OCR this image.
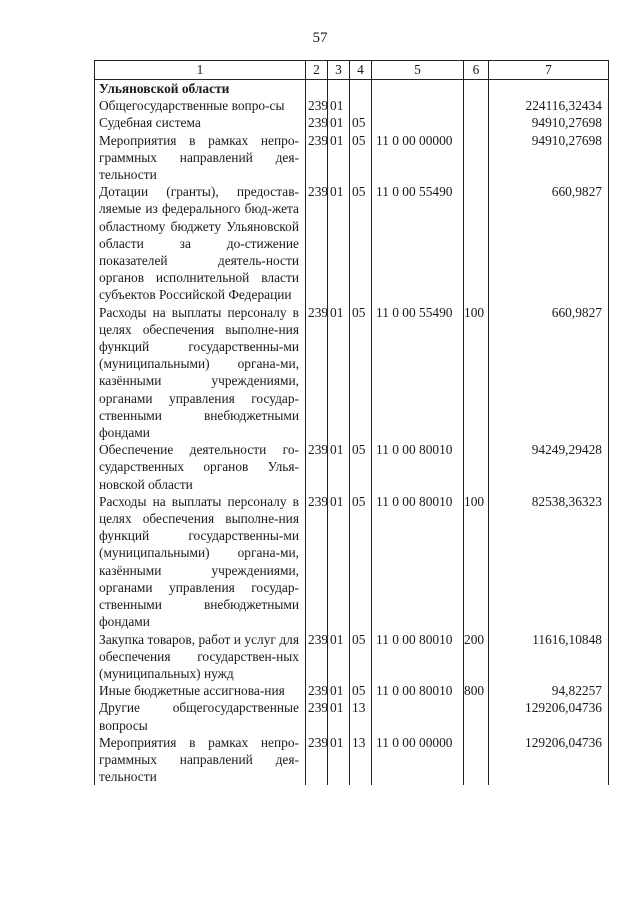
57
1	2	3	4	5	6	7
Ульяновской области						
Общегосударственные вопро-сы	239	01				224116,32434
Судебная система	239	01	05			94910,27698
Мероприятия в рамках непро-граммных направлений дея-тельности	239	01	05	11 0 00 00000		94910,27698
Дотации (гранты), предостав-ляемые из федерального бюд-жета областному бюджету Ульяновской области за до-стижение показателей деятель-ности органов исполнительной власти субъектов Российской Федерации	239	01	05	11 0 00 55490		660,9827
Расходы на выплаты персоналу в целях обеспечения выполне-ния функций государственны-ми (муниципальными) органа-ми, казёнными учреждениями, органами управления государ-ственными внебюджетными фондами	239	01	05	11 0 00 55490	100	660,9827
Обеспечение деятельности го-сударственных органов Улья-новской области	239	01	05	11 0 00 80010		94249,29428
Расходы на выплаты персоналу в целях обеспечения выполне-ния функций государственны-ми (муниципальными) органа-ми, казёнными учреждениями, органами управления государ-ственными внебюджетными фондами	239	01	05	11 0 00 80010	100	82538,36323
Закупка товаров, работ и услуг для обеспечения государствен-ных (муниципальных) нужд	239	01	05	11 0 00 80010	200	11616,10848
Иные бюджетные ассигнова-ния	239	01	05	11 0 00 80010	800	94,82257
Другие общегосударственные вопросы	239	01	13			129206,04736
Мероприятия в рамках непро-граммных направлений дея-тельности	239	01	13	11 0 00 00000		129206,04736
